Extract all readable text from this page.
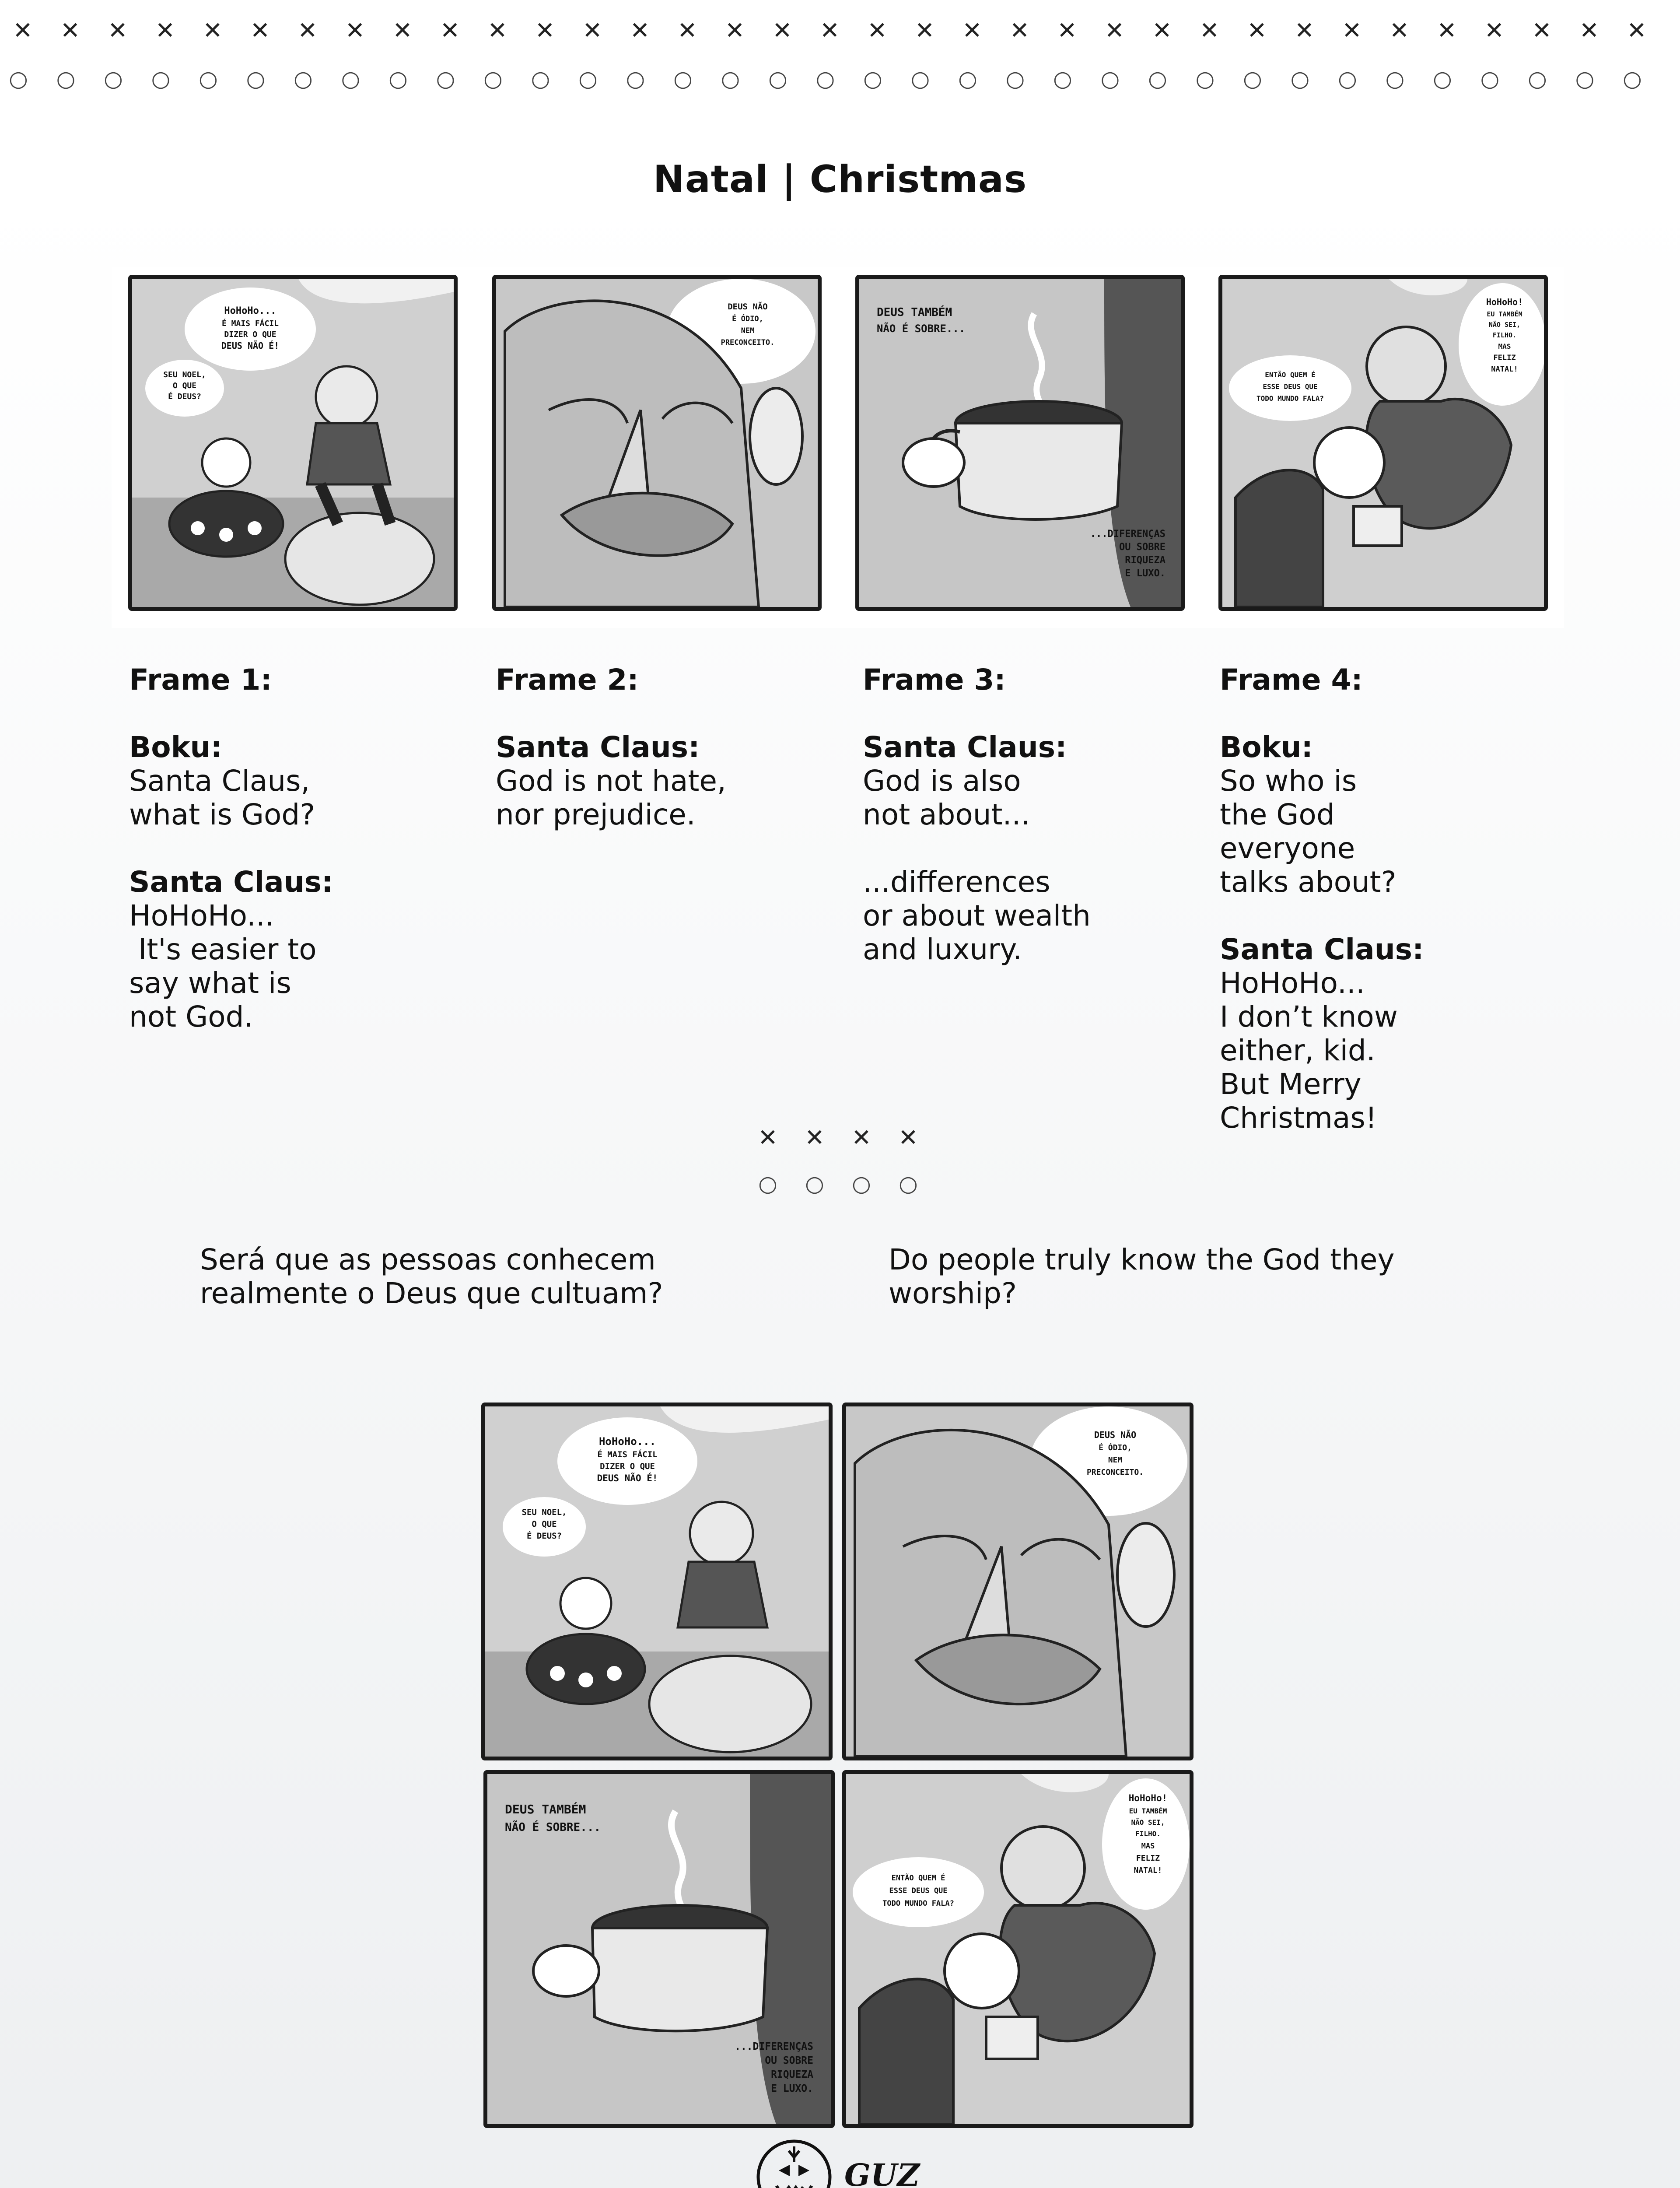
✕ ✕ ✕ ✕ ✕ ✕ ✕ ✕ ✕ ✕ ✕ ✕ ✕ ✕ ✕ ✕ ✕ ✕ ✕ ✕ ✕ ✕ ✕ ✕ ✕ ✕ ✕ ✕ ✕ ✕ ✕ ✕ ✕ ✕ ✕
○ ○ ○ ○ ○ ○ ○ ○ ○ ○ ○ ○ ○ ○ ○ ○ ○ ○ ○ ○ ○ ○ ○ ○ ○ ○ ○ ○ ○ ○ ○ ○ ○ ○ ○
Natal | Christmas
HoHoHo...
É MAIS FÁCIL
DIZER O QUE
DEUS NÃO É!
SEU NOEL,
O QUE
É DEUS?
DEUS NÃO
É ÓDIO,
NEM
PRECONCEITO.
DEUS TAMBÉM
NÃO É SOBRE...
...DIFERENÇAS
OU SOBRE
RIQUEZA
E LUXO.
HoHoHo!
EU TAMBÉM
NÃO SEI,
FILHO.
MAS
FELIZ
NATAL!
ENTÃO QUEM É
ESSE DEUS QUE
TODO MUNDO FALA?
Frame 1:
Boku:
Santa Claus,
what is God?
Santa Claus:
HoHoHo...
It's easier to
say what is
not God.
Frame 2:
Santa Claus:
God is not hate,
nor prejudice.
Frame 3:
Santa Claus:
God is also
not about...
...differences
or about wealth
and luxury.
Frame 4:
Boku:
So who is
the God
everyone
talks about?
Santa Claus:
HoHoHo...
I don’t know
either, kid.
But Merry
Christmas!
✕ ✕ ✕ ✕
○ ○ ○ ○
Será que as pessoas conhecem
realmente o Deus que cultuam?
Do people truly know the God they
worship?
HoHoHo...
É MAIS FÁCIL
DIZER O QUE
DEUS NÃO É!
SEU NOEL,
O QUE
É DEUS?
DEUS NÃO
É ÓDIO,
NEM
PRECONCEITO.
DEUS TAMBÉM
NÃO É SOBRE...
...DIFERENÇAS
OU SOBRE
RIQUEZA
E LUXO.
HoHoHo!
EU TAMBÉM
NÃO SEI,
FILHO.
MAS
FELIZ
NATAL!
ENTÃO QUEM É
ESSE DEUS QUE
TODO MUNDO FALA?
GUZ
